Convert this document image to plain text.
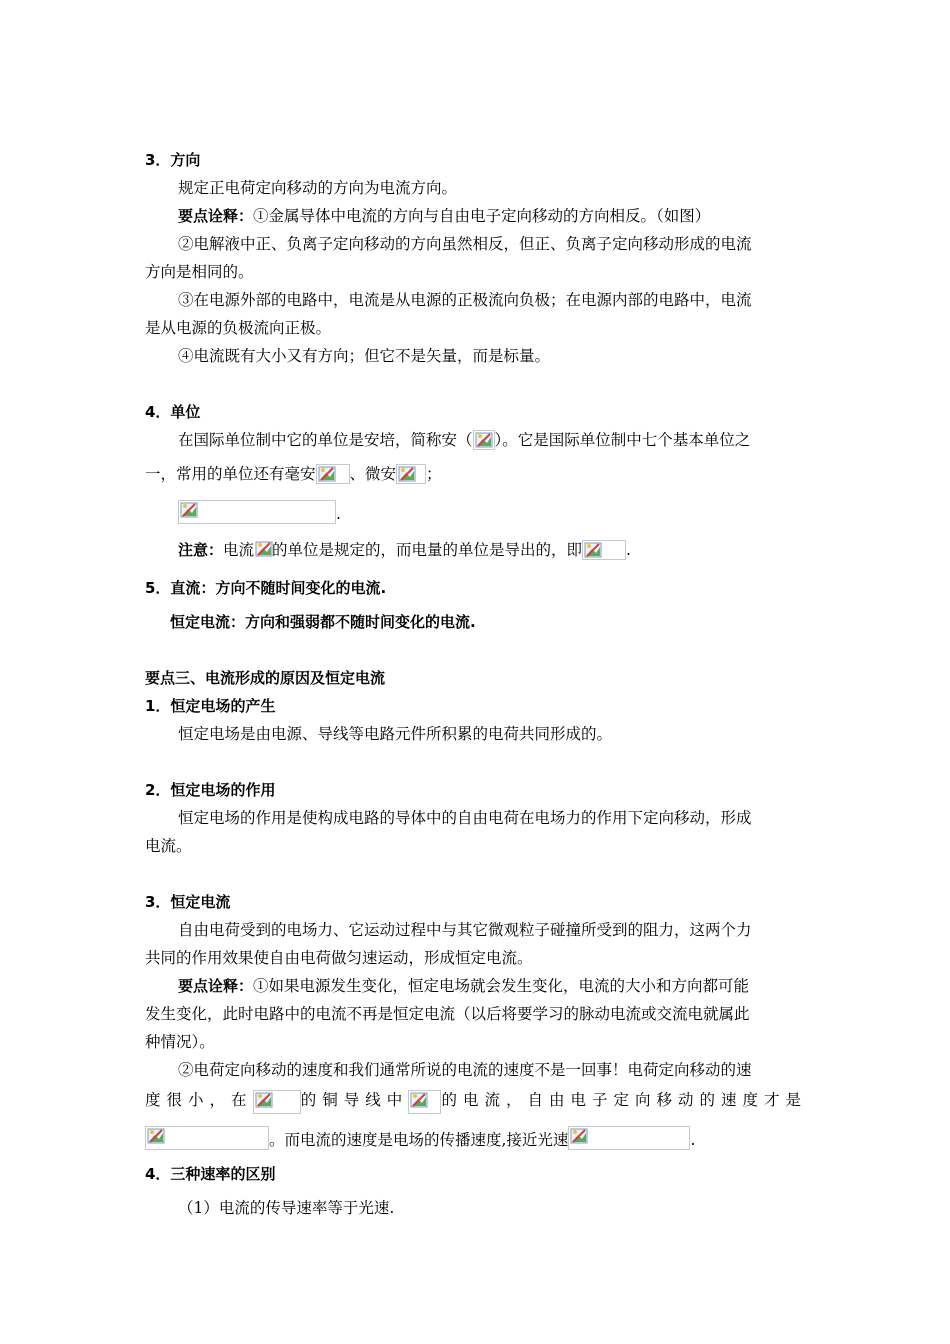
3．方向
规定正电荷定向移动的方向为电流方向。
要点诠释：①金属导体中电流的方向与自由电子定向移动的方向相反。（如图）
②电解液中正、负离子定向移动的方向虽然相反，但正、负离子定向移动形成的电流
方向是相同的。
③在电源外部的电路中，电流是从电源的正极流向负极；在电源内部的电路中，电流
是从电源的负极流向正极。
④电流既有大小又有方向；但它不是矢量，而是标量。
4．单位
在国际单位制中它的单位是安培，简称安（ ）。它是国际单位制中七个基本单位之
一，常用的单位还有毫安 、微安 ；
.
注意：电流 的单位是规定的，而电量的单位是导出的，即	.
5．直流：方向不随时间变化的电流.
恒定电流：方向和强弱都不随时间变化的电流.
要点三、电流形成的原因及恒定电流
1．恒定电场的产生
恒定电场是由电源、导线等电路元件所积累的电荷共同形成的。
2．恒定电场的作用
恒定电场的作用是使构成电路的导体中的自由电荷在电场力的作用下定向移动，形成
电流。
3．恒定电流
自由电荷受到的电场力、它运动过程中与其它微观粒子碰撞所受到的阻力，这两个力
共同的作用效果使自由电荷做匀速运动，形成恒定电流。
要点诠释：①如果电源发生变化，恒定电场就会发生变化，电流的大小和方向都可能
发生变化，此时电路中的电流不再是恒定电流（以后将要学习的脉动电流或交流电就属此
种情况）。
②电荷定向移动的速度和我们通常所说的电流的速度不是一回事！电荷定向移动的速
度很小，在	的铜导线中 的电流，自由电子定向移动的速度才是
。而电流的速度是电场的传播速度,接近光速	.
4．三种速率的区别
（1）电流的传导速率等于光速.
